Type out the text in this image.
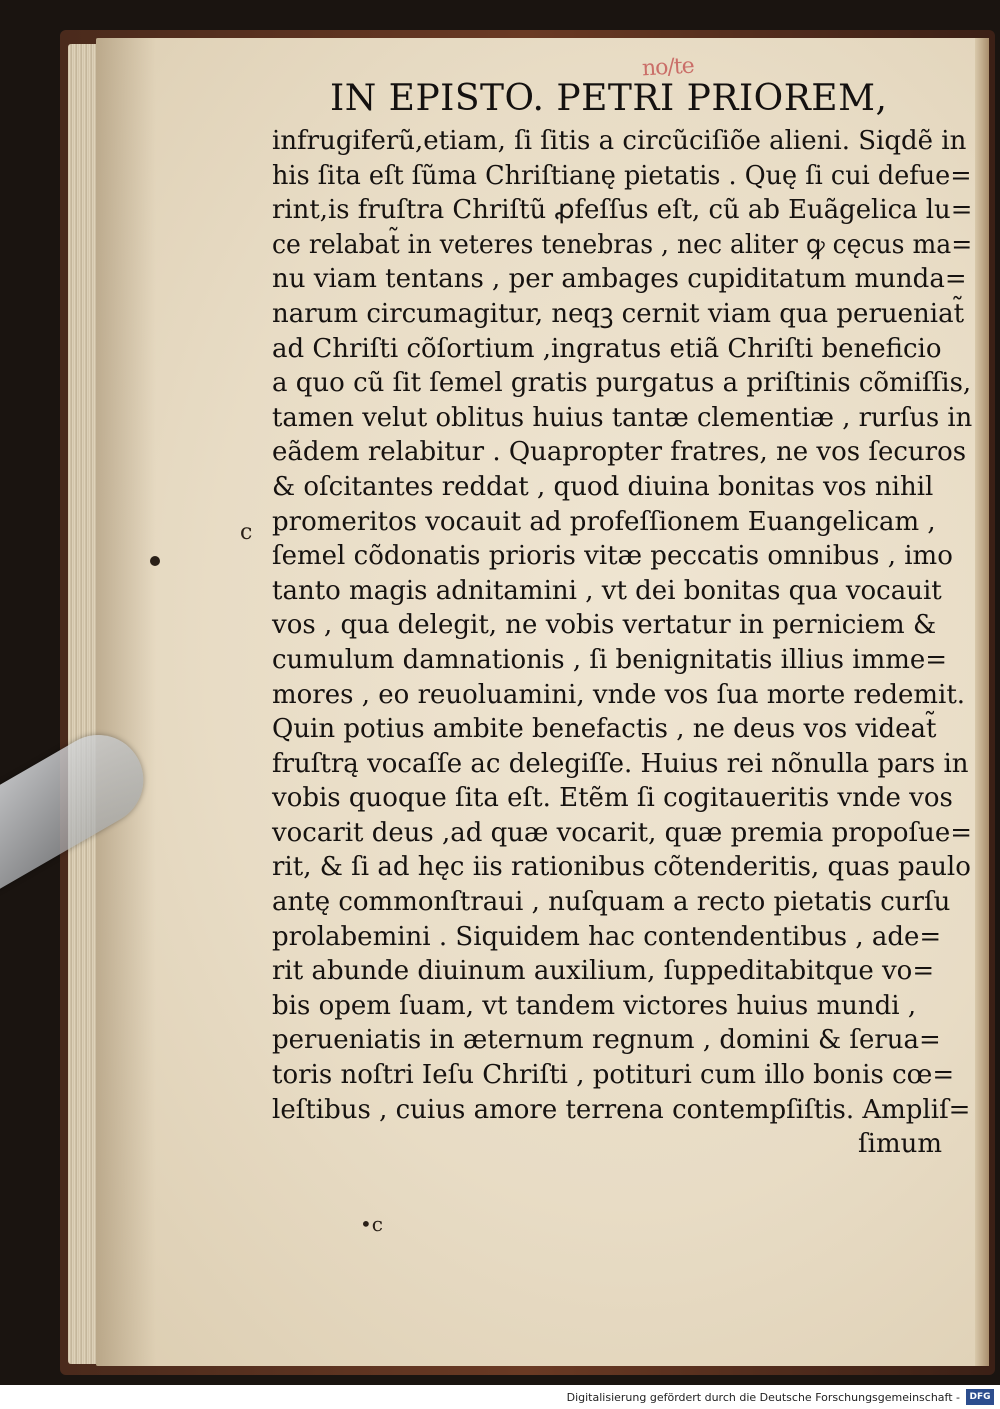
no/te
IN EPISTO. PETRI PRIOREM,
infrugiferũ,etiam, ſi ſitis a circũciſiõe alieni. Siqdẽ in
his ſita eſt ſũma Chriſtianę pietatis . Quę ſi cui defue=
rint,is fruſtra Chriſtũ ꝓfeſſus eſt, cũ ab Euãgelica lu=
ce relabat̃ in veteres tenebras , nec aliter ꝙ cęcus ma=
nu viam tentans , per ambages cupiditatum munda=
narum circumagitur, neqꝫ cernit viam qua perueniat̃
ad Chriſti cõſortium ,ingratus etiã Chriſti beneficio
a quo cũ ſit ſemel gratis purgatus a priſtinis cõmiſſis,
tamen velut oblitus huius tantæ clementiæ , rurſus in
eãdem relabitur . Quapropter fratres, ne vos ſecuros
& oſcitantes reddat , quod diuina bonitas vos nihil
promeritos vocauit ad profeſſionem Euangelicam ,
ſemel cõdonatis prioris vitæ peccatis omnibus , imo
tanto magis adnitamini , vt dei bonitas qua vocauit
vos , qua delegit, ne vobis vertatur in perniciem &
cumulum damnationis , ſi benignitatis illius imme=
mores , eo reuoluamini, vnde vos ſua morte redemit.
Quin potius ambite benefactis , ne deus vos videat̃
fruſtrą vocaſſe ac delegiſſe. Huius rei nõnulla pars in
vobis quoque ſita eſt. Etẽm ſi cogitaueritis vnde vos
vocarit deus ,ad quæ vocarit, quæ premia propoſue=
rit, & ſi ad hęc iis rationibus cõtenderitis, quas paulo
antę commonſtraui , nuſquam a recto pietatis curſu
prolabemini . Siquidem hac contendentibus , ade=
rit abunde diuinum auxilium, ſuppeditabitque vo=
bis opem ſuam, vt tandem victores huius mundi ,
perueniatis in æternum regnum , domini & ſerua=
toris noſtri Ieſu Chriſti , potituri cum illo bonis cœ=
leſtibus , cuius amore terrena contempſiſtis. Ampliſ=
ſimum
c
•c
Digitalisierung gefördert durch die Deutsche Forschungsgemeinschaft -	DFG
